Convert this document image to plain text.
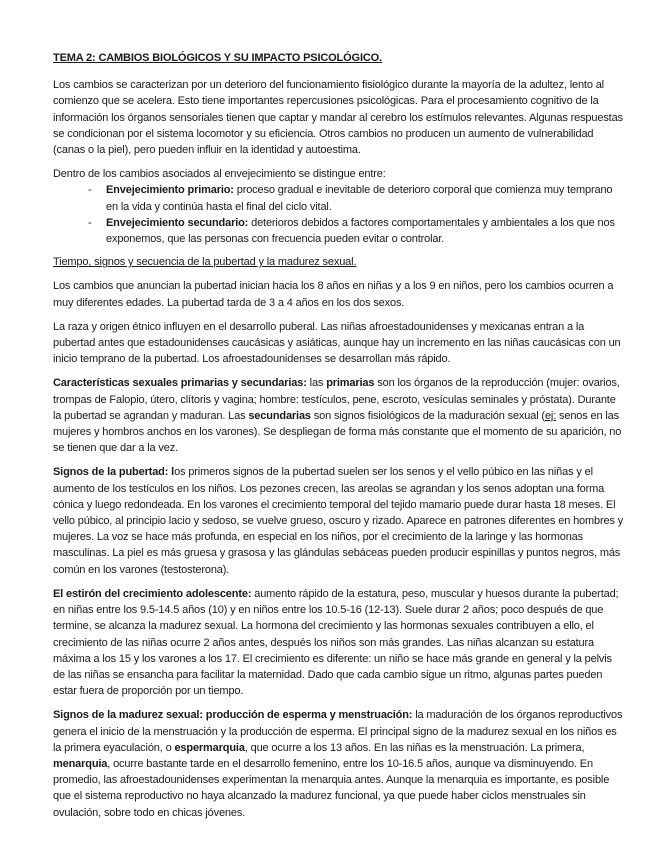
TEMA 2: CAMBIOS BIOLÓGICOS Y SU IMPACTO PSICOLÓGICO.

Los cambios se caracterizan por un deterioro del funcionamiento fisiológico durante la mayoría de la adultez, lento al comienzo que se acelera. Esto tiene importantes repercusiones psicológicas. Para el procesamiento cognitivo de la información los órganos sensoriales tienen que captar y mandar al cerebro los estímulos relevantes. Algunas respuestas se condicionan por el sistema locomotor y su eficiencia. Otros cambios no producen un aumento de vulnerabilidad (canas o la piel), pero pueden influir en la identidad y autoestima.

Dentro de los cambios asociados al envejecimiento se distingue entre:

- Envejecimiento primario: proceso gradual e inevitable de deterioro corporal que comienza muy temprano en la vida y continúa hasta el final del ciclo vital.
- Envejecimiento secundario: deterioros debidos a factores comportamentales y ambientales a los que nos exponemos, que las personas con frecuencia pueden evitar o controlar.
Tiempo, signos y secuencia de la pubertad y la madurez sexual.

Los cambios que anuncian la pubertad inician hacia los 8 años en niñas y a los 9 en niños, pero los cambios ocurren a muy diferentes edades. La pubertad tarda de 3 a 4 años en los dos sexos.

La raza y origen étnico influyen en el desarrollo puberal. Las niñas afroestadounidenses y mexicanas entran a la pubertad antes que estadounidenses caucásicas y asiáticas, aunque hay un incremento en las niñas caucásicas con un inicio temprano de la pubertad. Los afroestadounidenses se desarrollan más rápido.

Características sexuales primarias y secundarias: las primarias son los órganos de la reproducción (mujer: ovarios, trompas de Falopio, útero, clítoris y vagina; hombre: testículos, pene, escroto, vesículas seminales y próstata). Durante la pubertad se agrandan y maduran. Las secundarias son signos fisiológicos de la maduración sexual (ej: senos en las mujeres y hombros anchos en los varones). Se despliegan de forma más constante que el momento de su aparición, no se tienen que dar a la vez.

Signos de la pubertad: los primeros signos de la pubertad suelen ser los senos y el vello púbico en las niñas y el aumento de los testículos en los niños. Los pezones crecen, las areolas se agrandan y los senos adoptan una forma cónica y luego redondeada. En los varones el crecimiento temporal del tejido mamario puede durar hasta 18 meses. El vello púbico, al principio lacio y sedoso, se vuelve grueso, oscuro y rizado. Aparece en patrones diferentes en hombres y mujeres. La voz se hace más profunda, en especial en los niños, por el crecimiento de la laringe y las hormonas masculinas. La piel es más gruesa y grasosa y las glándulas sebáceas pueden producir espinillas y puntos negros, más común en los varones (testosterona).

El estirón del crecimiento adolescente: aumento rápido de la estatura, peso, muscular y huesos durante la pubertad; en niñas entre los 9.5-14.5 años (10) y en niños entre los 10.5-16 (12-13). Suele durar 2 años; poco después de que termine, se alcanza la madurez sexual. La hormona del crecimiento y las hormonas sexuales contribuyen a ello, el crecimiento de las niñas ocurre 2 años antes, después los niños son más grandes. Las niñas alcanzan su estatura máxima a los 15 y los varones a los 17. El crecimiento es diferente: un niño se hace más grande en general y la pelvis de las niñas se ensancha para facilitar la maternidad. Dado que cada cambio sigue un ritmo, algunas partes pueden estar fuera de proporción por un tiempo.

Signos de la madurez sexual: producción de esperma y menstruación: la maduración de los órganos reproductivos genera el inicio de la menstruación y la producción de esperma. El principal signo de la madurez sexual en los niños es la primera eyaculación, o espermarquia, que ocurre a los 13 años. En las niñas es la menstruación. La primera, menarquia, ocurre bastante tarde en el desarrollo femenino, entre los 10-16.5 años, aunque va disminuyendo. En promedio, las afroestadounidenses experimentan la menarquia antes. Aunque la menarquia es importante, es posible que el sistema reproductivo no haya alcanzado la madurez funcional, ya que puede haber ciclos menstruales sin ovulación, sobre todo en chicas jóvenes.
